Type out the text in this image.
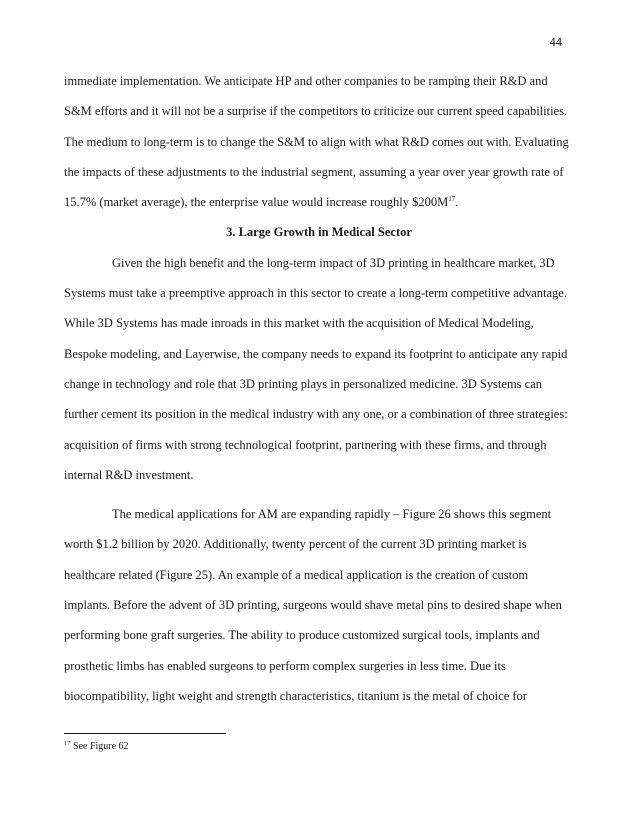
44

immediate implementation. We anticipate HP and other companies to be ramping their R&D and S&M efforts and it will not be a surprise if the competitors to criticize our current speed capabilities. The medium to long-term is to change the S&M to align with what R&D comes out with. Evaluating the impacts of these adjustments to the industrial segment, assuming a year over year growth rate of 15.7% (market average), the enterprise value would increase roughly $\$200M^{17}$.

3. Large Growth in Medical Sector

Given the high benefit and the long-term impact of 3D printing in healthcare market, 3D Systems must take a preemptive approach in this sector to create a long-term competitive advantage. While 3D Systems has made inroads in this market with the acquisition of Medical Modeling, Bespoke modeling, and Layerwise, the company needs to expand its footprint to anticipate any rapid change in technology and role that 3D printing plays in personalized medicine. 3D Systems can further cement its position in the medical industry with any one, or a combination of three strategies: acquisition of firms with strong technological footprint, partnering with these firms, and through internal R&D investment.

The medical applications for AM are expanding rapidly – Figure 26 shows this segment worth $1.2 billion by 2020. Additionally, twenty percent of the current 3D printing market is healthcare related (Figure 25). An example of a medical application is the creation of custom implants. Before the advent of 3D printing, surgeons would shave metal pins to desired shape when performing bone graft surgeries. The ability to produce customized surgical tools, implants and prosthetic limbs has enabled surgeons to perform complex surgeries in less time. Due its biocompatibility, light weight and strength characteristics, titanium is the metal of choice for

$^{17}$ See Figure 62
